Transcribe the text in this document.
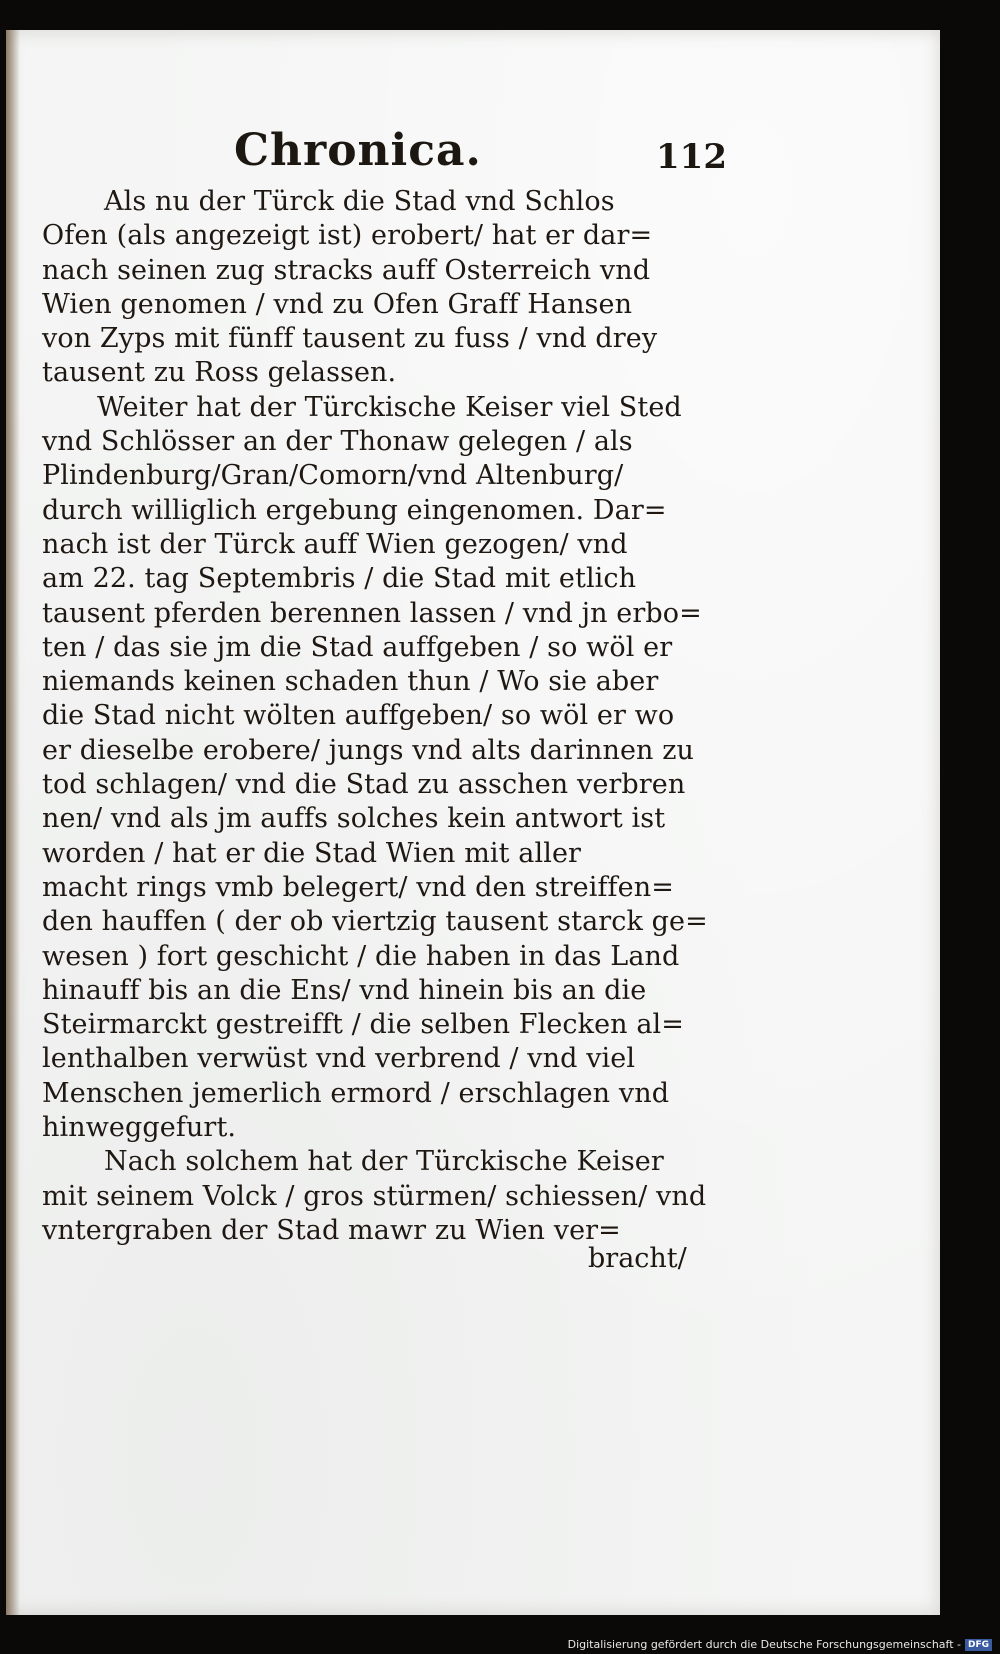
Chronica.	112
Als nu der Türck die Stad vnd Schlos
Ofen (als angezeigt ist) erobert/ hat er dar=
nach seinen zug stracks auff Osterreich vnd
Wien genomen / vnd zu Ofen Graff Hansen
von Zyps mit fünff tausent zu fuss / vnd drey
tausent zu Ross gelassen.
Weiter hat der Türckische Keiser viel Sted
vnd Schlösser an der Thonaw gelegen / als
Plindenburg/Gran/Comorn/vnd Altenburg/
durch williglich ergebung eingenomen. Dar=
nach ist der Türck auff Wien gezogen/ vnd
am 22. tag Septembris / die Stad mit etlich
tausent pferden berennen lassen / vnd jn erbo=
ten / das sie jm die Stad auffgeben / so wöl er
niemands keinen schaden thun / Wo sie aber
die Stad nicht wölten auffgeben/ so wöl er wo
er dieselbe erobere/ jungs vnd alts darinnen zu
tod schlagen/ vnd die Stad zu asschen verbren
nen/ vnd als jm auffs solches kein antwort ist
worden / hat er die Stad Wien mit aller
macht rings vmb belegert/ vnd den streiffen=
den hauffen ( der ob viertzig tausent starck ge=
wesen ) fort geschicht / die haben in das Land
hinauff bis an die Ens/ vnd hinein bis an die
Steirmarckt gestreifft / die selben Flecken al=
lenthalben verwüst vnd verbrend / vnd viel
Menschen jemerlich ermord / erschlagen vnd
hinweggefurt.
Nach solchem hat der Türckische Keiser
mit seinem Volck / gros stürmen/ schiessen/ vnd
vntergraben der Stad mawr zu Wien ver=
bracht/
Digitalisierung gefördert durch die Deutsche Forschungsgemeinschaft - DFG
